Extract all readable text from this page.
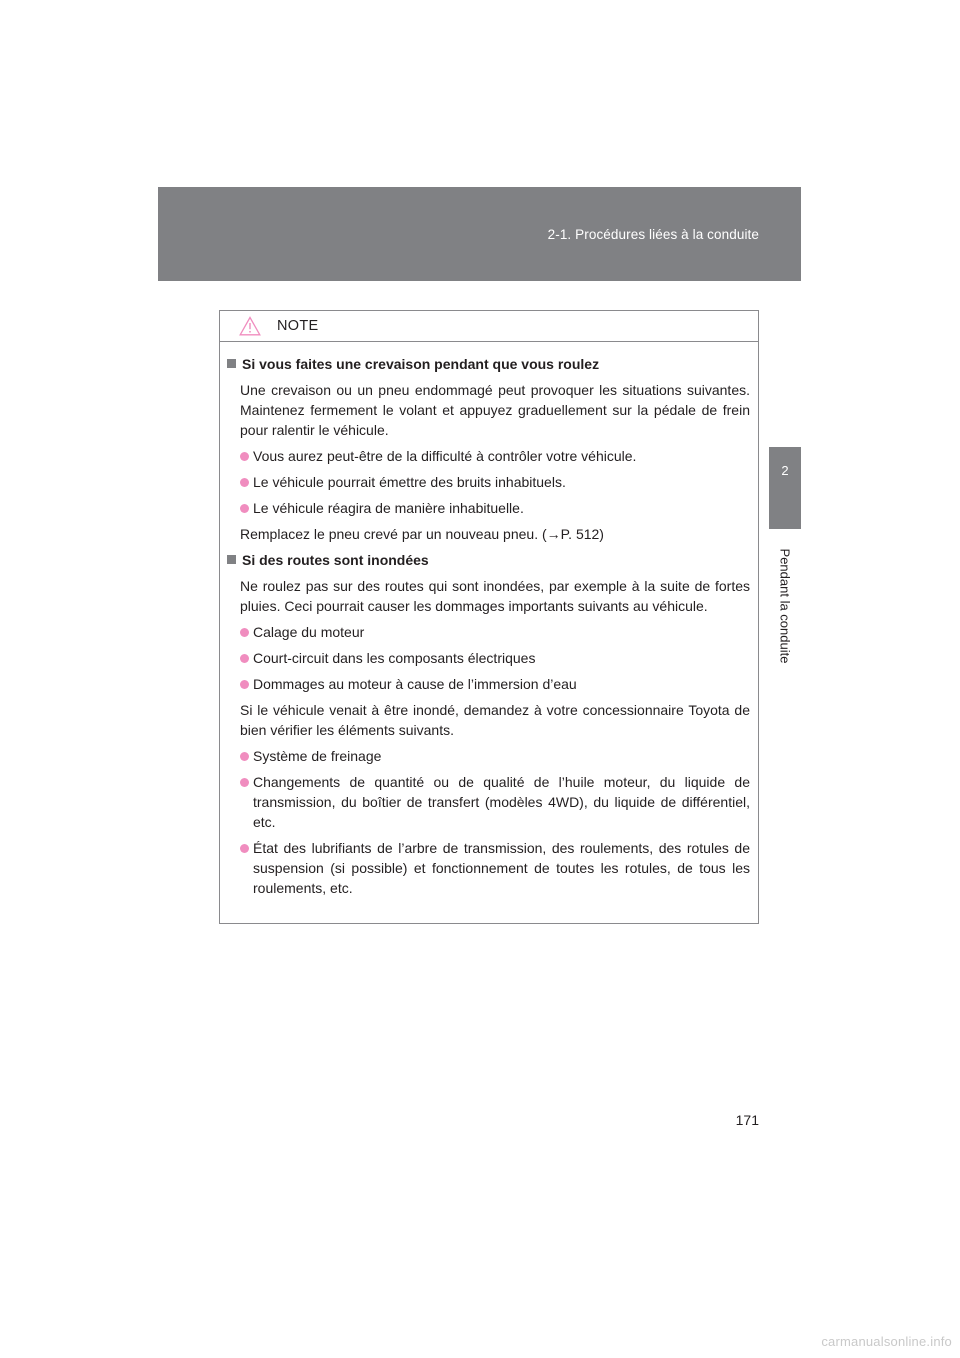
2-1. Procédures liées à la conduite
2
Pendant la conduite
NOTE
Si vous faites une crevaison pendant que vous roulez
Une crevaison ou un pneu endommagé peut provoquer les situations suivantes. Maintenez fermement le volant et appuyez graduellement sur la pédale de frein pour ralentir le véhicule.
Vous aurez peut-être de la difficulté à contrôler votre véhicule.
Le véhicule pourrait émettre des bruits inhabituels.
Le véhicule réagira de manière inhabituelle.
Remplacez le pneu crevé par un nouveau pneu. (→P. 512)
Si des routes sont inondées
Ne roulez pas sur des routes qui sont inondées, par exemple à la suite de fortes pluies. Ceci pourrait causer les dommages importants suivants au véhicule.
Calage du moteur
Court-circuit dans les composants électriques
Dommages au moteur à cause de l’immersion d’eau
Si le véhicule venait à être inondé, demandez à votre concessionnaire Toyota de bien vérifier les éléments suivants.
Système de freinage
Changements de quantité ou de qualité de l’huile moteur, du liquide de transmission, du boîtier de transfert (modèles 4WD), du liquide de différentiel, etc.
État des lubrifiants de l’arbre de transmission, des roulements, des rotules de suspension (si possible) et fonctionnement de toutes les rotules, de tous les roulements, etc.
171
carmanualsonline.info
